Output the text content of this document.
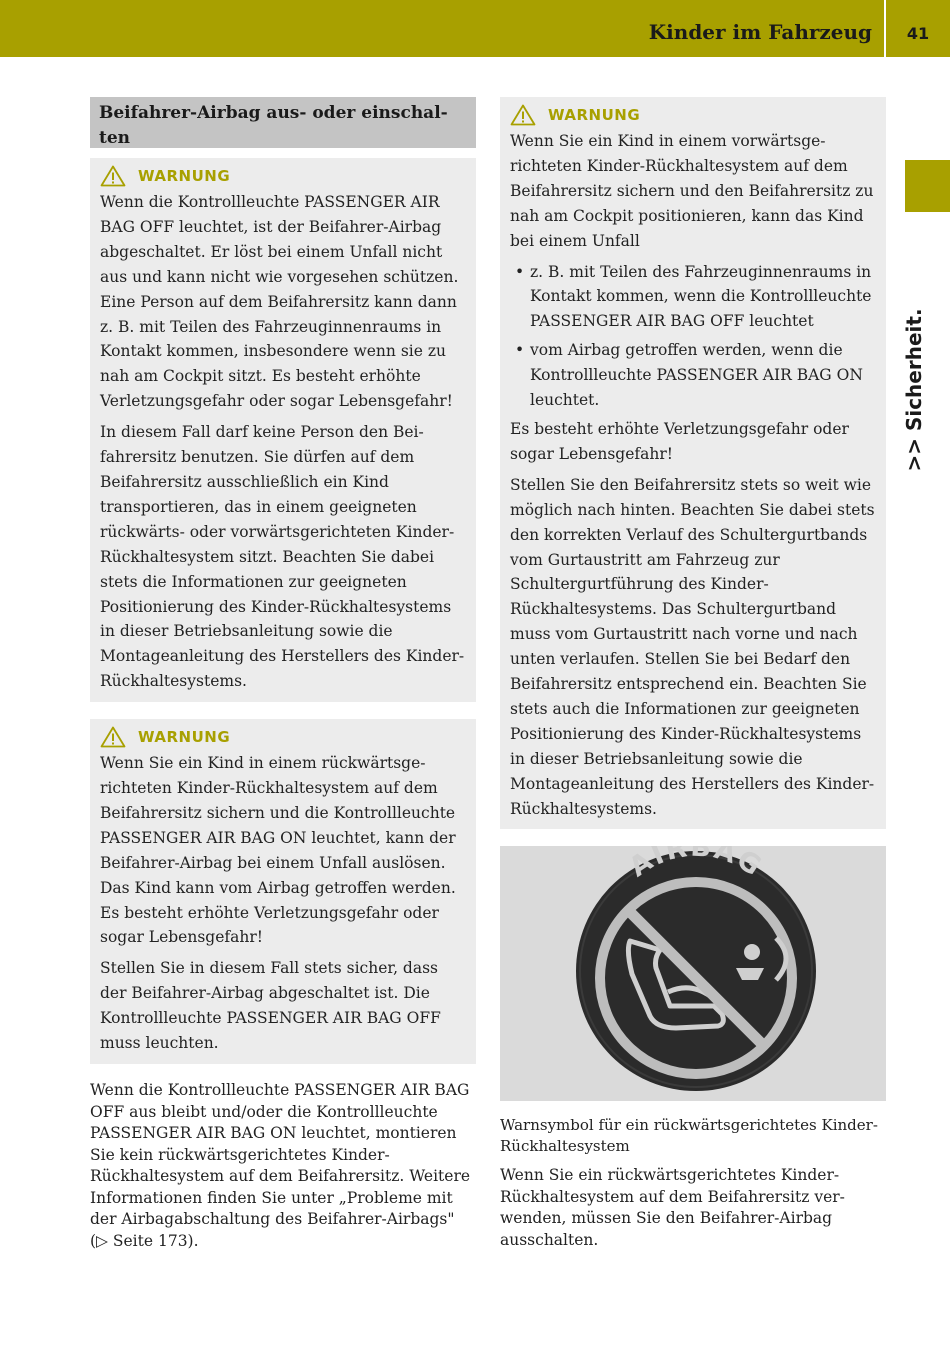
Kinder im Fahrzeug	41
>> Sicherheit.
Beifahrer-Airbag aus- oder einschal-
ten
WARNUNG

Wenn die Kontrollleuchte PASSENGER AIR BAG OFF leuchtet, ist der Beifahrer-Airbag abgeschaltet. Er löst bei einem Unfall nicht aus und kann nicht wie vorgesehen schützen. Eine Person auf dem Beifahrersitz kann dann z. B. mit Teilen des Fahrzeuginnenraums in Kontakt kommen, insbesondere wenn sie zu nah am Cockpit sitzt. Es besteht erhöhte Verletzungsgefahr oder sogar Lebensgefahr!

In diesem Fall darf keine Person den Beifahrersitz benutzen. Sie dürfen auf dem Beifahrersitz ausschließlich ein Kind transportieren, das in einem geeigneten rückwärts- oder vorwärtsgerichteten Kinder-Rückhaltesystem sitzt. Beachten Sie dabei stets die Informationen zur geeigneten Positionierung des Kinder-Rückhaltesystems in dieser Betriebsanleitung sowie die Montageanleitung des Herstellers des Kinder-Rückhaltesystems.

WARNUNG

Wenn Sie ein Kind in einem rückwärtsgerichteten Kinder-Rückhaltesystem auf dem Beifahrersitz sichern und die Kontrollleuchte PASSENGER AIR BAG ON leuchtet, kann der Beifahrer-Airbag bei einem Unfall auslösen. Das Kind kann vom Airbag getroffen werden. Es besteht erhöhte Verletzungsgefahr oder sogar Lebensgefahr!

Stellen Sie in diesem Fall stets sicher, dass der Beifahrer-Airbag abgeschaltet ist. Die Kontrollleuchte PASSENGER AIR BAG OFF muss leuchten.

Wenn die Kontrollleuchte PASSENGER AIR BAG OFF aus bleibt und/oder die Kontrollleuchte PASSENGER AIR BAG ON leuchtet, montieren Sie kein rückwärtsgerichtetes Kinder-Rückhaltesystem auf dem Beifahrersitz. Weitere Informationen finden Sie unter „Probleme mit der Airbagabschaltung des Beifahrer-Airbags" (▷ Seite 173).

WARNUNG

Wenn Sie ein Kind in einem vorwärtsgerichteten Kinder-Rückhaltesystem auf dem Beifahrersitz sichern und den Beifahrersitz zu nah am Cockpit positionieren, kann das Kind bei einem Unfall

• z. B. mit Teilen des Fahrzeuginnenraums in Kontakt kommen, wenn die Kontrollleuchte PASSENGER AIR BAG OFF leuchtet
• vom Airbag getroffen werden, wenn die Kontrollleuchte PASSENGER AIR BAG ON leuchtet.

Es besteht erhöhte Verletzungsgefahr oder sogar Lebensgefahr!

Stellen Sie den Beifahrersitz stets so weit wie möglich nach hinten. Beachten Sie dabei stets den korrekten Verlauf des Schultergurtbands vom Gurtaustritt am Fahrzeug zur Schultergurtführung des Kinder-Rückhaltesystems. Das Schultergurtband muss vom Gurtaustritt nach vorne und nach unten verlaufen. Stellen Sie bei Bedarf den Beifahrersitz entsprechend ein. Beachten Sie stets auch die Informationen zur geeigneten Positionierung des Kinder-Rückhaltesystems in dieser Betriebsanleitung sowie die Montageanleitung des Herstellers des Kinder-Rückhaltesystems.

AIRBAG

Warnsymbol für ein rückwärtsgerichtetes Kinder-Rückhaltesystem

Wenn Sie ein rückwärtsgerichtetes Kinder-Rückhaltesystem auf dem Beifahrersitz verwenden, müssen Sie den Beifahrer-Airbag ausschalten.
